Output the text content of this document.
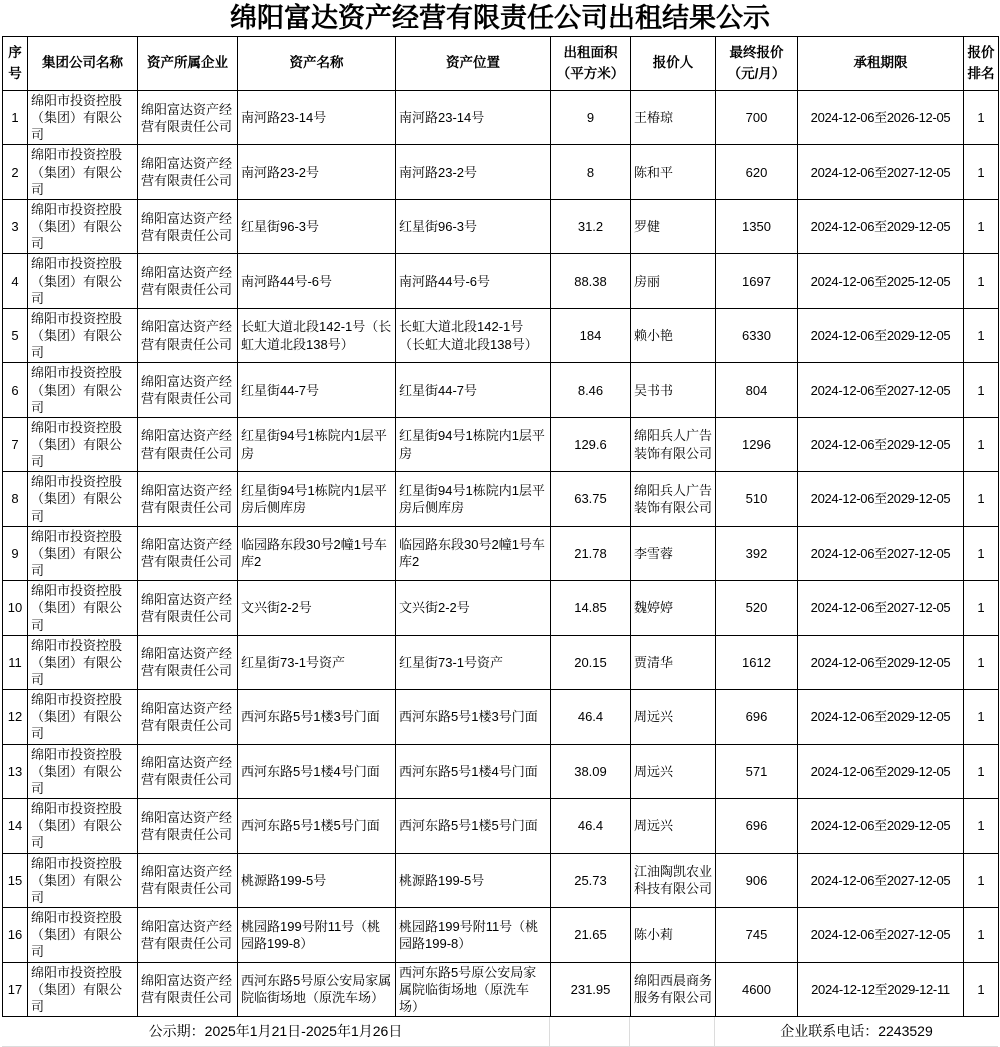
绵阳富达资产经营有限责任公司出租结果公示
序号	集团公司名称	资产所属企业	资产名称	资产位置	出租面积（平方米）	报价人	最终报价（元/月）	承租期限	报价排名
1	绵阳市投资控股（集团）有限公司	绵阳富达资产经营有限责任公司	南河路23-14号	南河路23-14号	9	王椿琼	700	2024-12-06至2026-12-05	1
2	绵阳市投资控股（集团）有限公司	绵阳富达资产经营有限责任公司	南河路23-2号	南河路23-2号	8	陈和平	620	2024-12-06至2027-12-05	1
3	绵阳市投资控股（集团）有限公司	绵阳富达资产经营有限责任公司	红星街96-3号	红星街96-3号	31.2	罗健	1350	2024-12-06至2029-12-05	1
4	绵阳市投资控股（集团）有限公司	绵阳富达资产经营有限责任公司	南河路44号-6号	南河路44号-6号	88.38	房丽	1697	2024-12-06至2025-12-05	1
5	绵阳市投资控股（集团）有限公司	绵阳富达资产经营有限责任公司	长虹大道北段142-1号（长虹大道北段138号）	长虹大道北段142-1号（长虹大道北段138号）	184	赖小艳	6330	2024-12-06至2029-12-05	1
6	绵阳市投资控股（集团）有限公司	绵阳富达资产经营有限责任公司	红星街44-7号	红星街44-7号	8.46	吴书书	804	2024-12-06至2027-12-05	1
7	绵阳市投资控股（集团）有限公司	绵阳富达资产经营有限责任公司	红星街94号1栋院内1层平房	红星街94号1栋院内1层平房	129.6	绵阳兵人广告装饰有限公司	1296	2024-12-06至2029-12-05	1
8	绵阳市投资控股（集团）有限公司	绵阳富达资产经营有限责任公司	红星街94号1栋院内1层平房后侧库房	红星街94号1栋院内1层平房后侧库房	63.75	绵阳兵人广告装饰有限公司	510	2024-12-06至2029-12-05	1
9	绵阳市投资控股（集团）有限公司	绵阳富达资产经营有限责任公司	临园路东段30号2幢1号车库2	临园路东段30号2幢1号车库2	21.78	李雪蓉	392	2024-12-06至2027-12-05	1
10	绵阳市投资控股（集团）有限公司	绵阳富达资产经营有限责任公司	文兴街2-2号	文兴街2-2号	14.85	魏婷婷	520	2024-12-06至2027-12-05	1
11	绵阳市投资控股（集团）有限公司	绵阳富达资产经营有限责任公司	红星街73-1号资产	红星街73-1号资产	20.15	贾清华	1612	2024-12-06至2029-12-05	1
12	绵阳市投资控股（集团）有限公司	绵阳富达资产经营有限责任公司	西河东路5号1楼3号门面	西河东路5号1楼3号门面	46.4	周远兴	696	2024-12-06至2029-12-05	1
13	绵阳市投资控股（集团）有限公司	绵阳富达资产经营有限责任公司	西河东路5号1楼4号门面	西河东路5号1楼4号门面	38.09	周远兴	571	2024-12-06至2029-12-05	1
14	绵阳市投资控股（集团）有限公司	绵阳富达资产经营有限责任公司	西河东路5号1楼5号门面	西河东路5号1楼5号门面	46.4	周远兴	696	2024-12-06至2029-12-05	1
15	绵阳市投资控股（集团）有限公司	绵阳富达资产经营有限责任公司	桃源路199-5号	桃源路199-5号	25.73	江油陶凯农业科技有限公司	906	2024-12-06至2027-12-05	1
16	绵阳市投资控股（集团）有限公司	绵阳富达资产经营有限责任公司	桃园路199号附11号（桃园路199-8）	桃园路199号附11号（桃园路199-8）	21.65	陈小莉	745	2024-12-06至2027-12-05	1
17	绵阳市投资控股（集团）有限公司	绵阳富达资产经营有限责任公司	西河东路5号原公安局家属院临街场地（原洗车场）	西河东路5号原公安局家属院临街场地（原洗车场）	231.95	绵阳西晨商务服务有限公司	4600	2024-12-12至2029-12-11	1
公示期：2025年1月21日-2025年1月26日	企业联系电话：2243529
